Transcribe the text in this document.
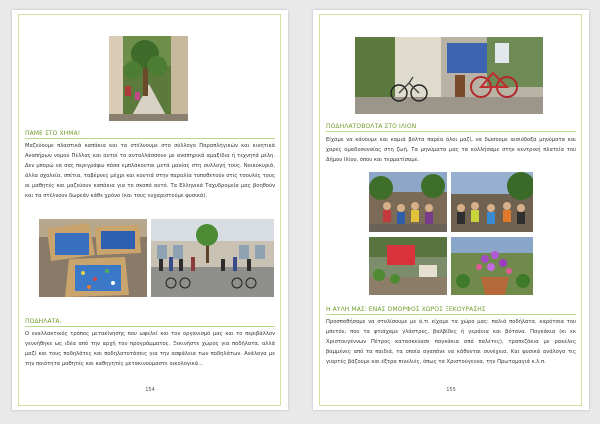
ΠΑΜΕ ΣΤΟ ΧΗΜΑ!

Μαζεύουμε πλαστικά καπάκια και τα στέλνουμε στο σύλλογο Παραπληγικών και κινητικά Αναπήρων νομού Πέλλας και αυτοί τα ανταλλάσσουν με αναπηρικά αμαξίδια ή τεχνητά μέλη. Δεν μπορώ να σας περιγράψω πόσα εμπλάκονται μετά μανίας στη συλλογή τους. Νοικοκυριά, άλλα σχολεία, σπίτια, ταβέρνες μέχρι και κουτιά στην παραλία τοποθετούν στις τσουλές τους οι μαθητές και μαζεύουν καπάκια για το σκοπό αυτό. Τα Ελληνικά Ταχυδρομεία μας βοηθούν και τα στέλνουν δωρεάν κάθε χρόνο (και τους ευχαριστούμε φυσικά).

ΠΟΔΗΛΑΤΑ.

Ο εναλλακτικός τρόπος μετακίνησης που ωφελεί και τον οργανισμό μας και το περιβάλλον γεννήθηκε ως ιδέα από την αρχή του προγράμματος. Ξεκινήστε χώρος για ποδήλατα, αλλά μαζί και τους ποδηλάτες και ποδηλατοτάσεις για την ασφάλεια των ποδηλάτων. Ανάλογα με την ποιότητα μαθητές και καθηγητές μετακινούμαστε οικολογικά...

154
ΠΟΔΗΛΑΤΟΒΟΛΤΑ ΣΤΟ ΙΛΙΟΝ

Είχαμε να κάνουμε και καμιά βόλτα παρέα όλοι μαζί, να δώσουμε αισιόδοξα μηνύματα και χαρές ομαδοσυναίας στη ζωή. Τα μηνύματα μας τα κολλήσαμε στην κεντρική πλατεία του Δήμου Ιλίου, όπου και τερματίσαμε.

Η ΑΥΛΗ ΜΑΣ: ΕΝΑΣ ΟΜΟΡΦΟΣ ΧΩΡΟΣ ΞΕΚΟΥΡΑΣΗΣ

Προσπαθήσαμε να στολίσουμε με ό,τι είχαμε τα χώρο μας: παλιά ποδήλατα, καρότσια του μπετόν, που τα φτιάχαμε γλάστρες, βαλβίδες ή γεράνια και βότανα. Παγκάκια (κι εκ Χριστουγέννων Πέτρος κατασκεύασε παγκάκια από παλέτες), τραπεζάκια με ρακέλες βαμμένες από τα παιδιά, τα οποία αγαπάνε να κάθονται συνέχεια. Και φυσικά ανάλογα τις γιορτές βάζουμε και έξτρα πινελιές, όπως τα Χριστούγεννα, την Πρωτομαγιά κ.λ.π.

155
